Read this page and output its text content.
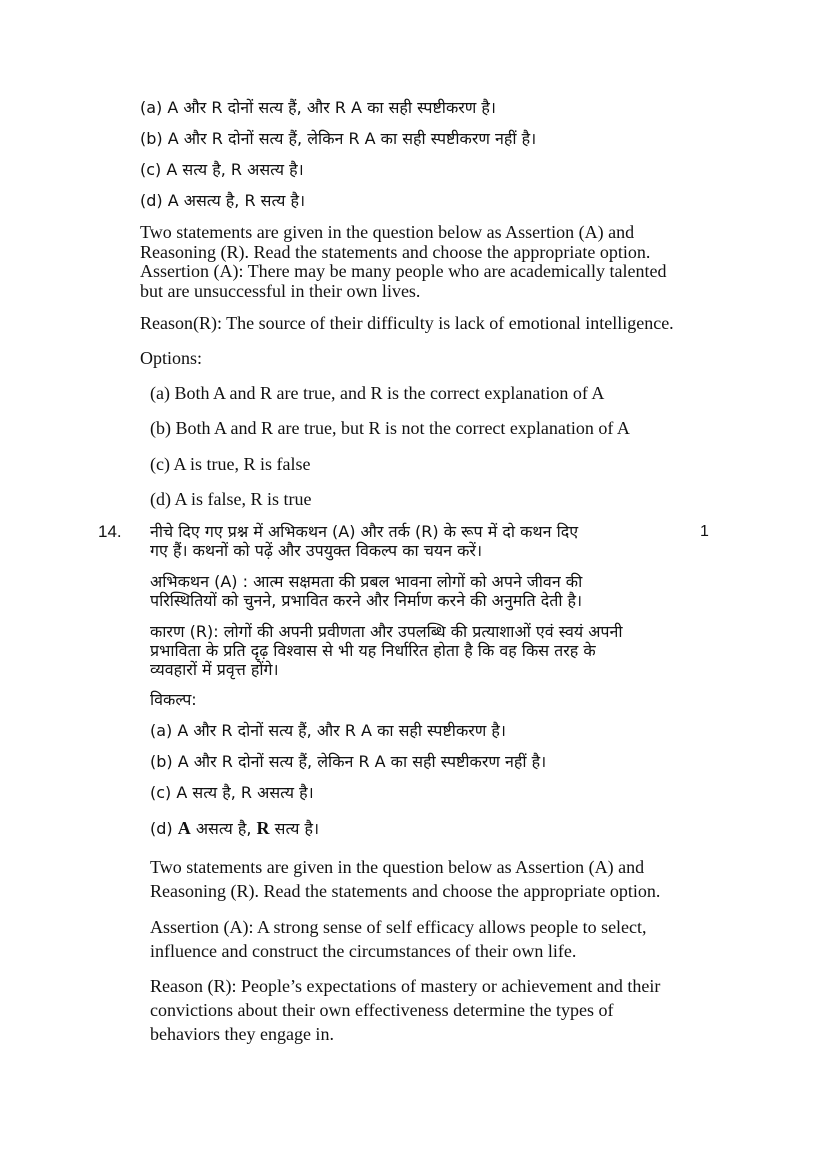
(a) A और R दोनों सत्य हैं, और R A का सही स्पष्टीकरण है।
(b) A और R दोनों सत्य हैं, लेकिन R A का सही स्पष्टीकरण नहीं है।
(c) A सत्य है, R असत्य है।
(d) A असत्य है, R सत्य है।
Two statements are given in the question below as Assertion (A) and
Reasoning (R). Read the statements and choose the appropriate option.
Assertion (A): There may be many people who are academically talented
but are unsuccessful in their own lives.
Reason(R): The source of their difficulty is lack of emotional intelligence.
Options:
(a) Both A and R are true, and R is the correct explanation of A
(b) Both A and R are true, but R is not the correct explanation of A
(c) A is true, R is false
(d) A is false, R is true
14.	1
नीचे दिए गए प्रश्न में अभिकथन (A) और तर्क (R) के रूप में दो कथन दिए
गए हैं। कथनों को पढ़ें और उपयुक्त विकल्प का चयन करें।
अभिकथन (A) : आत्म सक्षमता की प्रबल भावना लोगों को अपने जीवन की
परिस्थितियों को चुनने, प्रभावित करने और निर्माण करने की अनुमति देती है।
कारण (R): लोगों की अपनी प्रवीणता और उपलब्धि की प्रत्याशाओं एवं स्वयं अपनी
प्रभाविता के प्रति दृढ़ विश्वास से भी यह निर्धारित होता है कि वह किस तरह के
व्यवहारों में प्रवृत्त होंगे।
विकल्प:
(a) A और R दोनों सत्य हैं, और R A का सही स्पष्टीकरण है।
(b) A और R दोनों सत्य हैं, लेकिन R A का सही स्पष्टीकरण नहीं है।
(c) A सत्य है, R असत्य है।
(d) A असत्य है, R सत्य है।
Two statements are given in the question below as Assertion (A) and
Reasoning (R). Read the statements and choose the appropriate option.
Assertion (A): A strong sense of self efficacy allows people to select,
influence and construct the circumstances of their own life.
Reason (R): People’s expectations of mastery or achievement and their
convictions about their own effectiveness determine the types of
behaviors they engage in.
